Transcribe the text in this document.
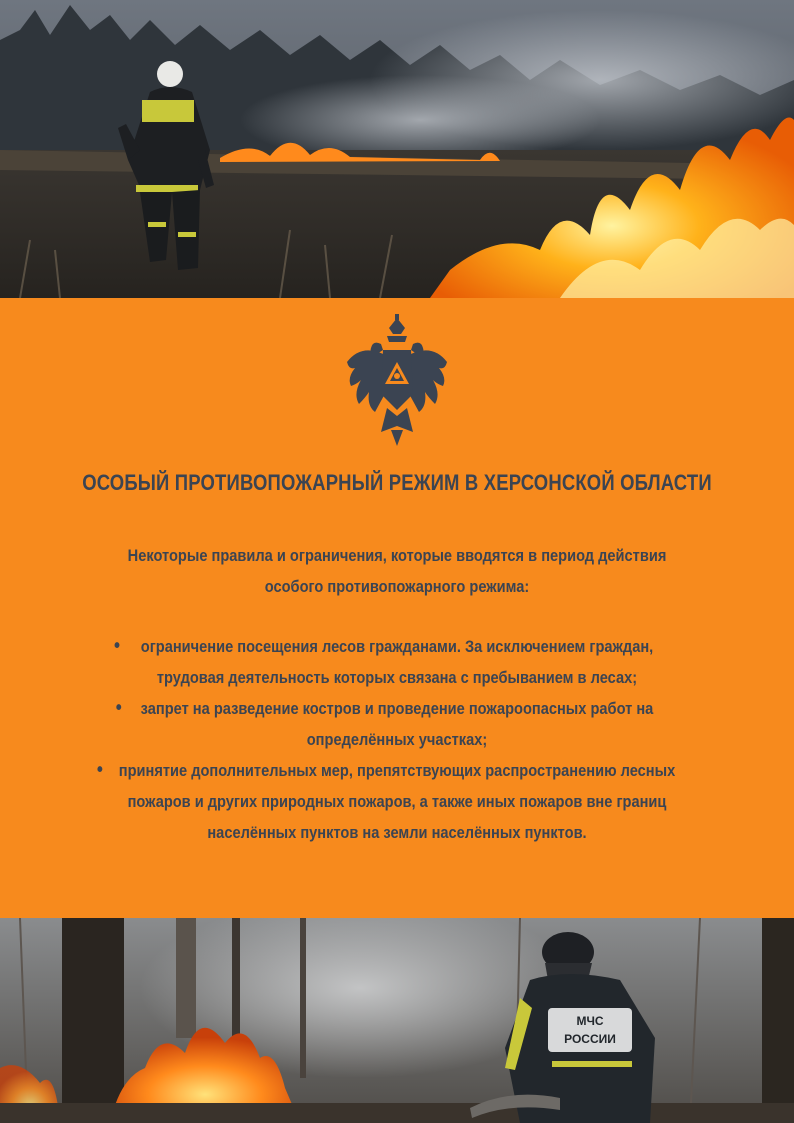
ОСОБЫЙ ПРОТИВОПОЖАРНЫЙ РЕЖИМ В ХЕРСОНСКОЙ ОБЛАСТИ
Некоторые правила и ограничения, которые вводятся в период действия
особого противопожарного режима:
•	ограничение посещения лесов гражданами. За исключением граждан,
трудовая деятельность которых связана с пребыванием в лесах;
•	запрет на разведение костров и проведение пожароопасных работ на
определённых участках;
• принятие дополнительных мер, препятствующих распространению лесных
пожаров и других природных пожаров, а также иных пожаров вне границ
населённых пунктов на земли населённых пунктов.
МЧС
РОССИИ
